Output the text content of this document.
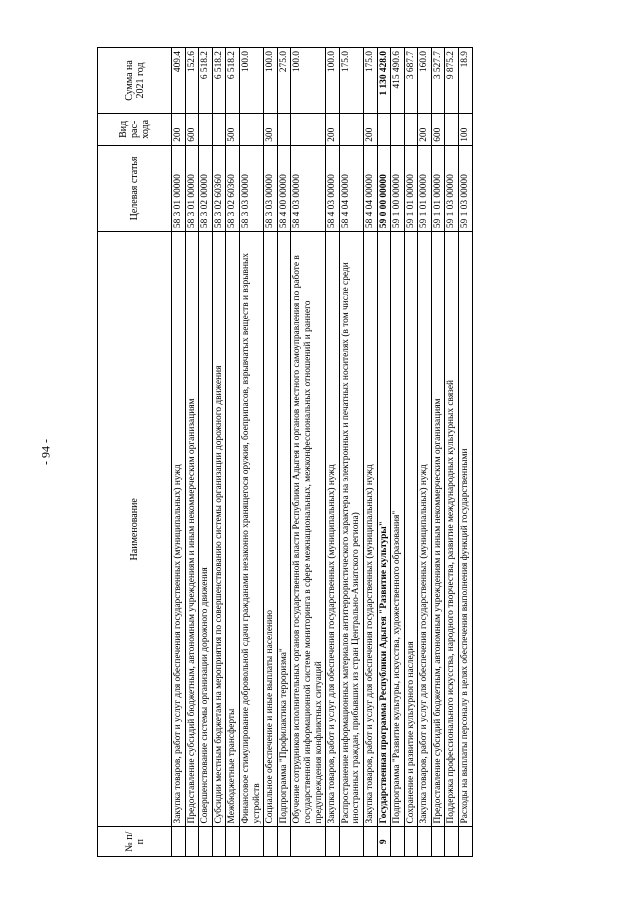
- 94 -
№ п/п	Наименование	Целевая статья	Вид рас-хода	Сумма на 2021 год
	Закупка товаров, работ и услуг для обеспечения государственных (муниципальных) нужд	58 3 01 00000	200	409.4
	Предоставление субсидий бюджетным, автономным учреждениям и иным некоммерческим организациям	58 3 01 00000	600	152.6
	Совершенствование системы организации дорожного движения	58 3 02 00000		6 518.2
	Субсидии местным бюджетам на мероприятия по совершенствованию системы организации дорожного движения	58 3 02 60360		6 518.2
	Межбюджетные трансферты	58 3 02 60360	500	6 518.2
	Финансовое стимулирование добровольной сдачи гражданами незаконно хранящегося оружия, боеприпасов, взрывчатых веществ и взрывных устройств	58 3 03 00000		100.0
	Социальное обеспечение и иные выплаты населению	58 3 03 00000	300	100.0
	Подпрограмма "Профилактика терроризма"	58 4 00 00000		275.0
	Обучение сотрудников исполнительных органов государственной власти Республики Адыгея и органов местного самоуправления по работе в государственной информационной системе мониторинга в сфере межнациональных, межконфессиональных отношений и раннего предупреждения конфликтных ситуаций	58 4 03 00000		100.0
	Закупка товаров, работ и услуг для обеспечения государственных (муниципальных) нужд	58 4 03 00000	200	100.0
	Распространение информационных материалов антитеррористического характера на электронных и печатных носителях (в том числе среди иностранных граждан, прибывших из стран Центрально-Азиатского региона)	58 4 04 00000		175.0
	Закупка товаров, работ и услуг для обеспечения государственных (муниципальных) нужд	58 4 04 00000	200	175.0
9	Государственная программа Республики Адыгея "Развитие культуры"	59 0 00 00000		1 130 428.0
	Подпрограмма "Развитие культуры, искусства, художественного образования"	59 1 00 00000		415 490.6
	Сохранение и развитие культурного наследия	59 1 01 00000		3 687.7
	Закупка товаров, работ и услуг для обеспечения государственных (муниципальных) нужд	59 1 01 00000	200	160.0
	Предоставление субсидий бюджетным, автономным учреждениям и иным некоммерческим организациям	59 1 01 00000	600	3 527.7
	Поддержка профессионального искусства, народного творчества, развитие международных культурных связей	59 1 03 00000		9 875.2
	Расходы на выплаты персоналу в целях обеспечения выполнения функций государственными	59 1 03 00000	100	18.9
